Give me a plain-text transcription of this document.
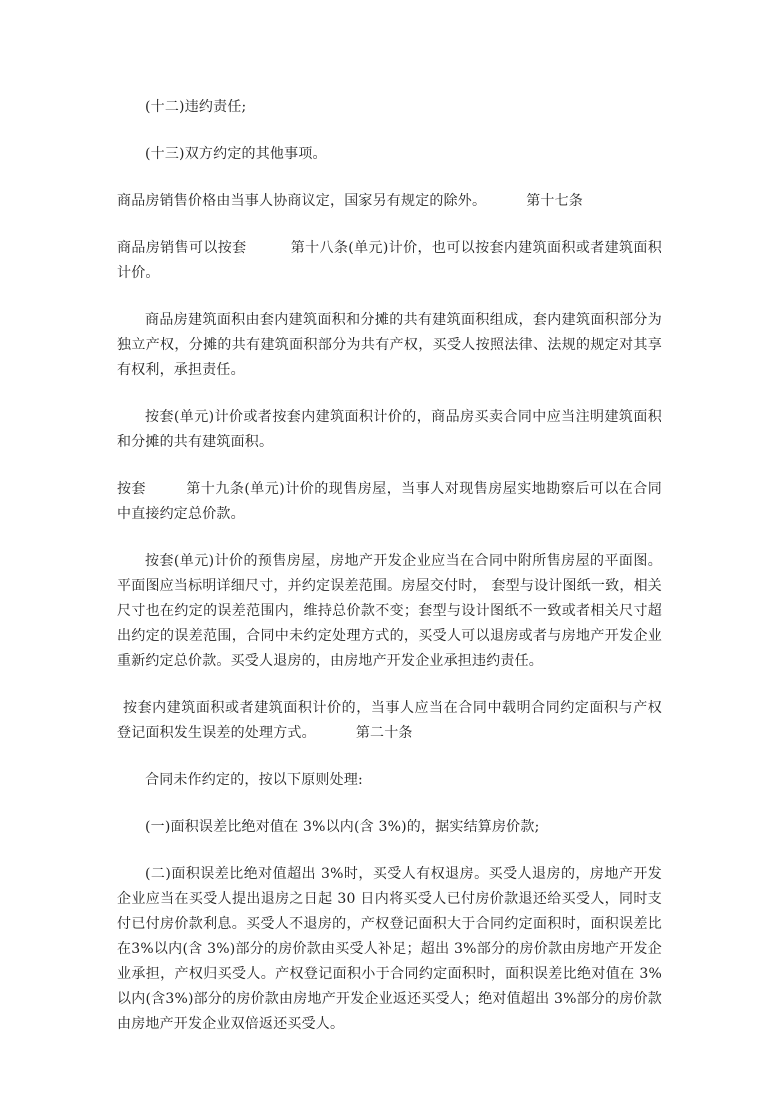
(十二)违约责任;

(十三)双方约定的其他事项。

商品房销售价格由当事人协商议定，国家另有规定的除外。	第十七条

商品房销售可以按套	第十八条(单元)计价，也可以按套内建筑面积或者建筑面积计价。

商品房建筑面积由套内建筑面积和分摊的共有建筑面积组成，套内建筑面积部分为独立产权，分摊的共有建筑面积部分为共有产权，买受人按照法律、法规的规定对其享有权利，承担责任。

按套(单元)计价或者按套内建筑面积计价的，商品房买卖合同中应当注明建筑面积和分摊的共有建筑面积。

按套	第十九条(单元)计价的现售房屋，当事人对现售房屋实地勘察后可以在合同中直接约定总价款。

按套(单元)计价的预售房屋，房地产开发企业应当在合同中附所售房屋的平面图。平面图应当标明详细尺寸，并约定误差范围。房屋交付时， 套型与设计图纸一致，相关尺寸也在约定的误差范围内，维持总价款不变；套型与设计图纸不一致或者相关尺寸超出约定的误差范围，合同中未约定处理方式的，买受人可以退房或者与房地产开发企业重新约定总价款。买受人退房的，由房地产开发企业承担违约责任。

按套内建筑面积或者建筑面积计价的，当事人应当在合同中载明合同约定面积与产权登记面积发生误差的处理方式。	第二十条

合同未作约定的，按以下原则处理:

(一)面积误差比绝对值在 3%以内(含 3%)的，据实结算房价款;

(二)面积误差比绝对值超出 3%时，买受人有权退房。买受人退房的，房地产开发企业应当在买受人提出退房之日起 30 日内将买受人已付房价款退还给买受人，同时支付已付房价款利息。买受人不退房的，产权登记面积大于合同约定面积时，面积误差比在3%以内(含 3%)部分的房价款由买受人补足；超出 3%部分的房价款由房地产开发企业承担，产权归买受人。产权登记面积小于合同约定面积时，面积误差比绝对值在 3%以内(含3%)部分的房价款由房地产开发企业返还买受人；绝对值超出 3%部分的房价款由房地产开发企业双倍返还买受人。
